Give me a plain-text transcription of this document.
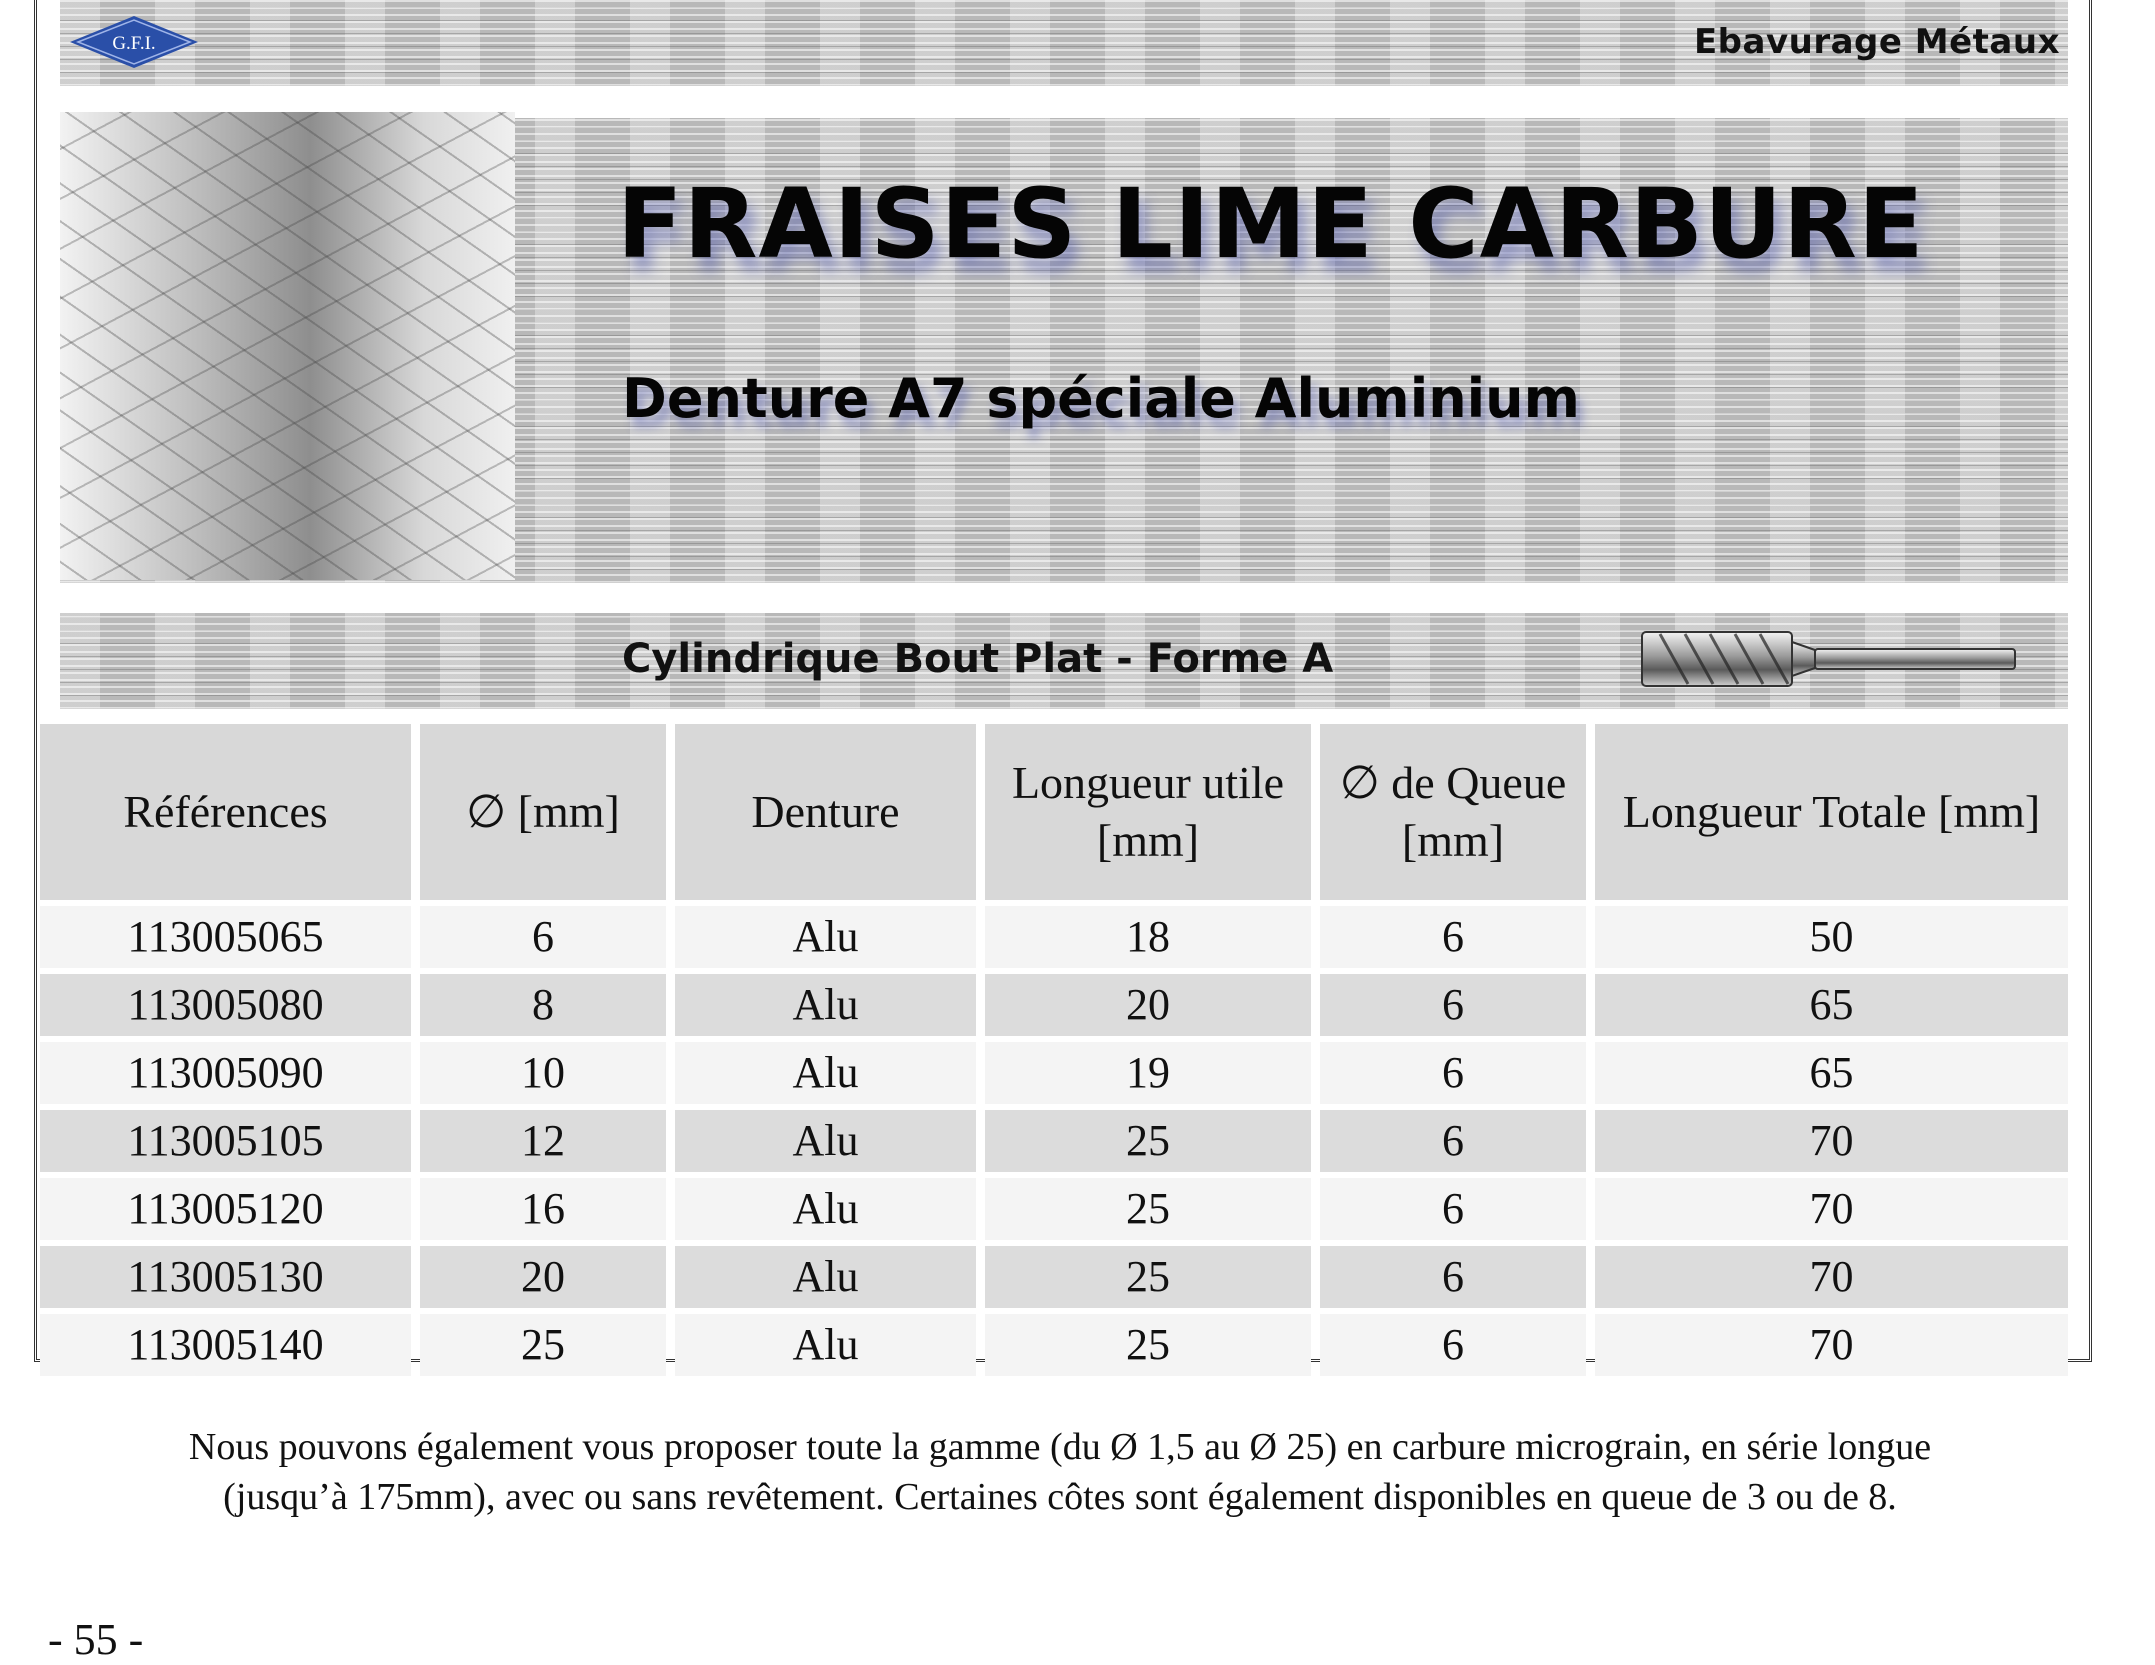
G.F.I.	Ebavurage Métaux
FRAISES LIME CARBURE
Denture A7 spéciale Aluminium
Cylindrique Bout Plat - Forme A
Références	∅ [mm]	Denture	Longueur utile [mm]	∅ de Queue [mm]	Longueur Totale [mm]
113005065	6	Alu	18	6	50
113005080	8	Alu	20	6	65
113005090	10	Alu	19	6	65
113005105	12	Alu	25	6	70
113005120	16	Alu	25	6	70
113005130	20	Alu	25	6	70
113005140	25	Alu	25	6	70

Nous pouvons également vous proposer toute la gamme (du Ø 1,5 au Ø 25) en carbure micrograin, en série longue

(jusqu’à 175mm), avec ou sans revêtement. Certaines côtes sont également disponibles en queue de 3 ou de 8.

- 55 -
